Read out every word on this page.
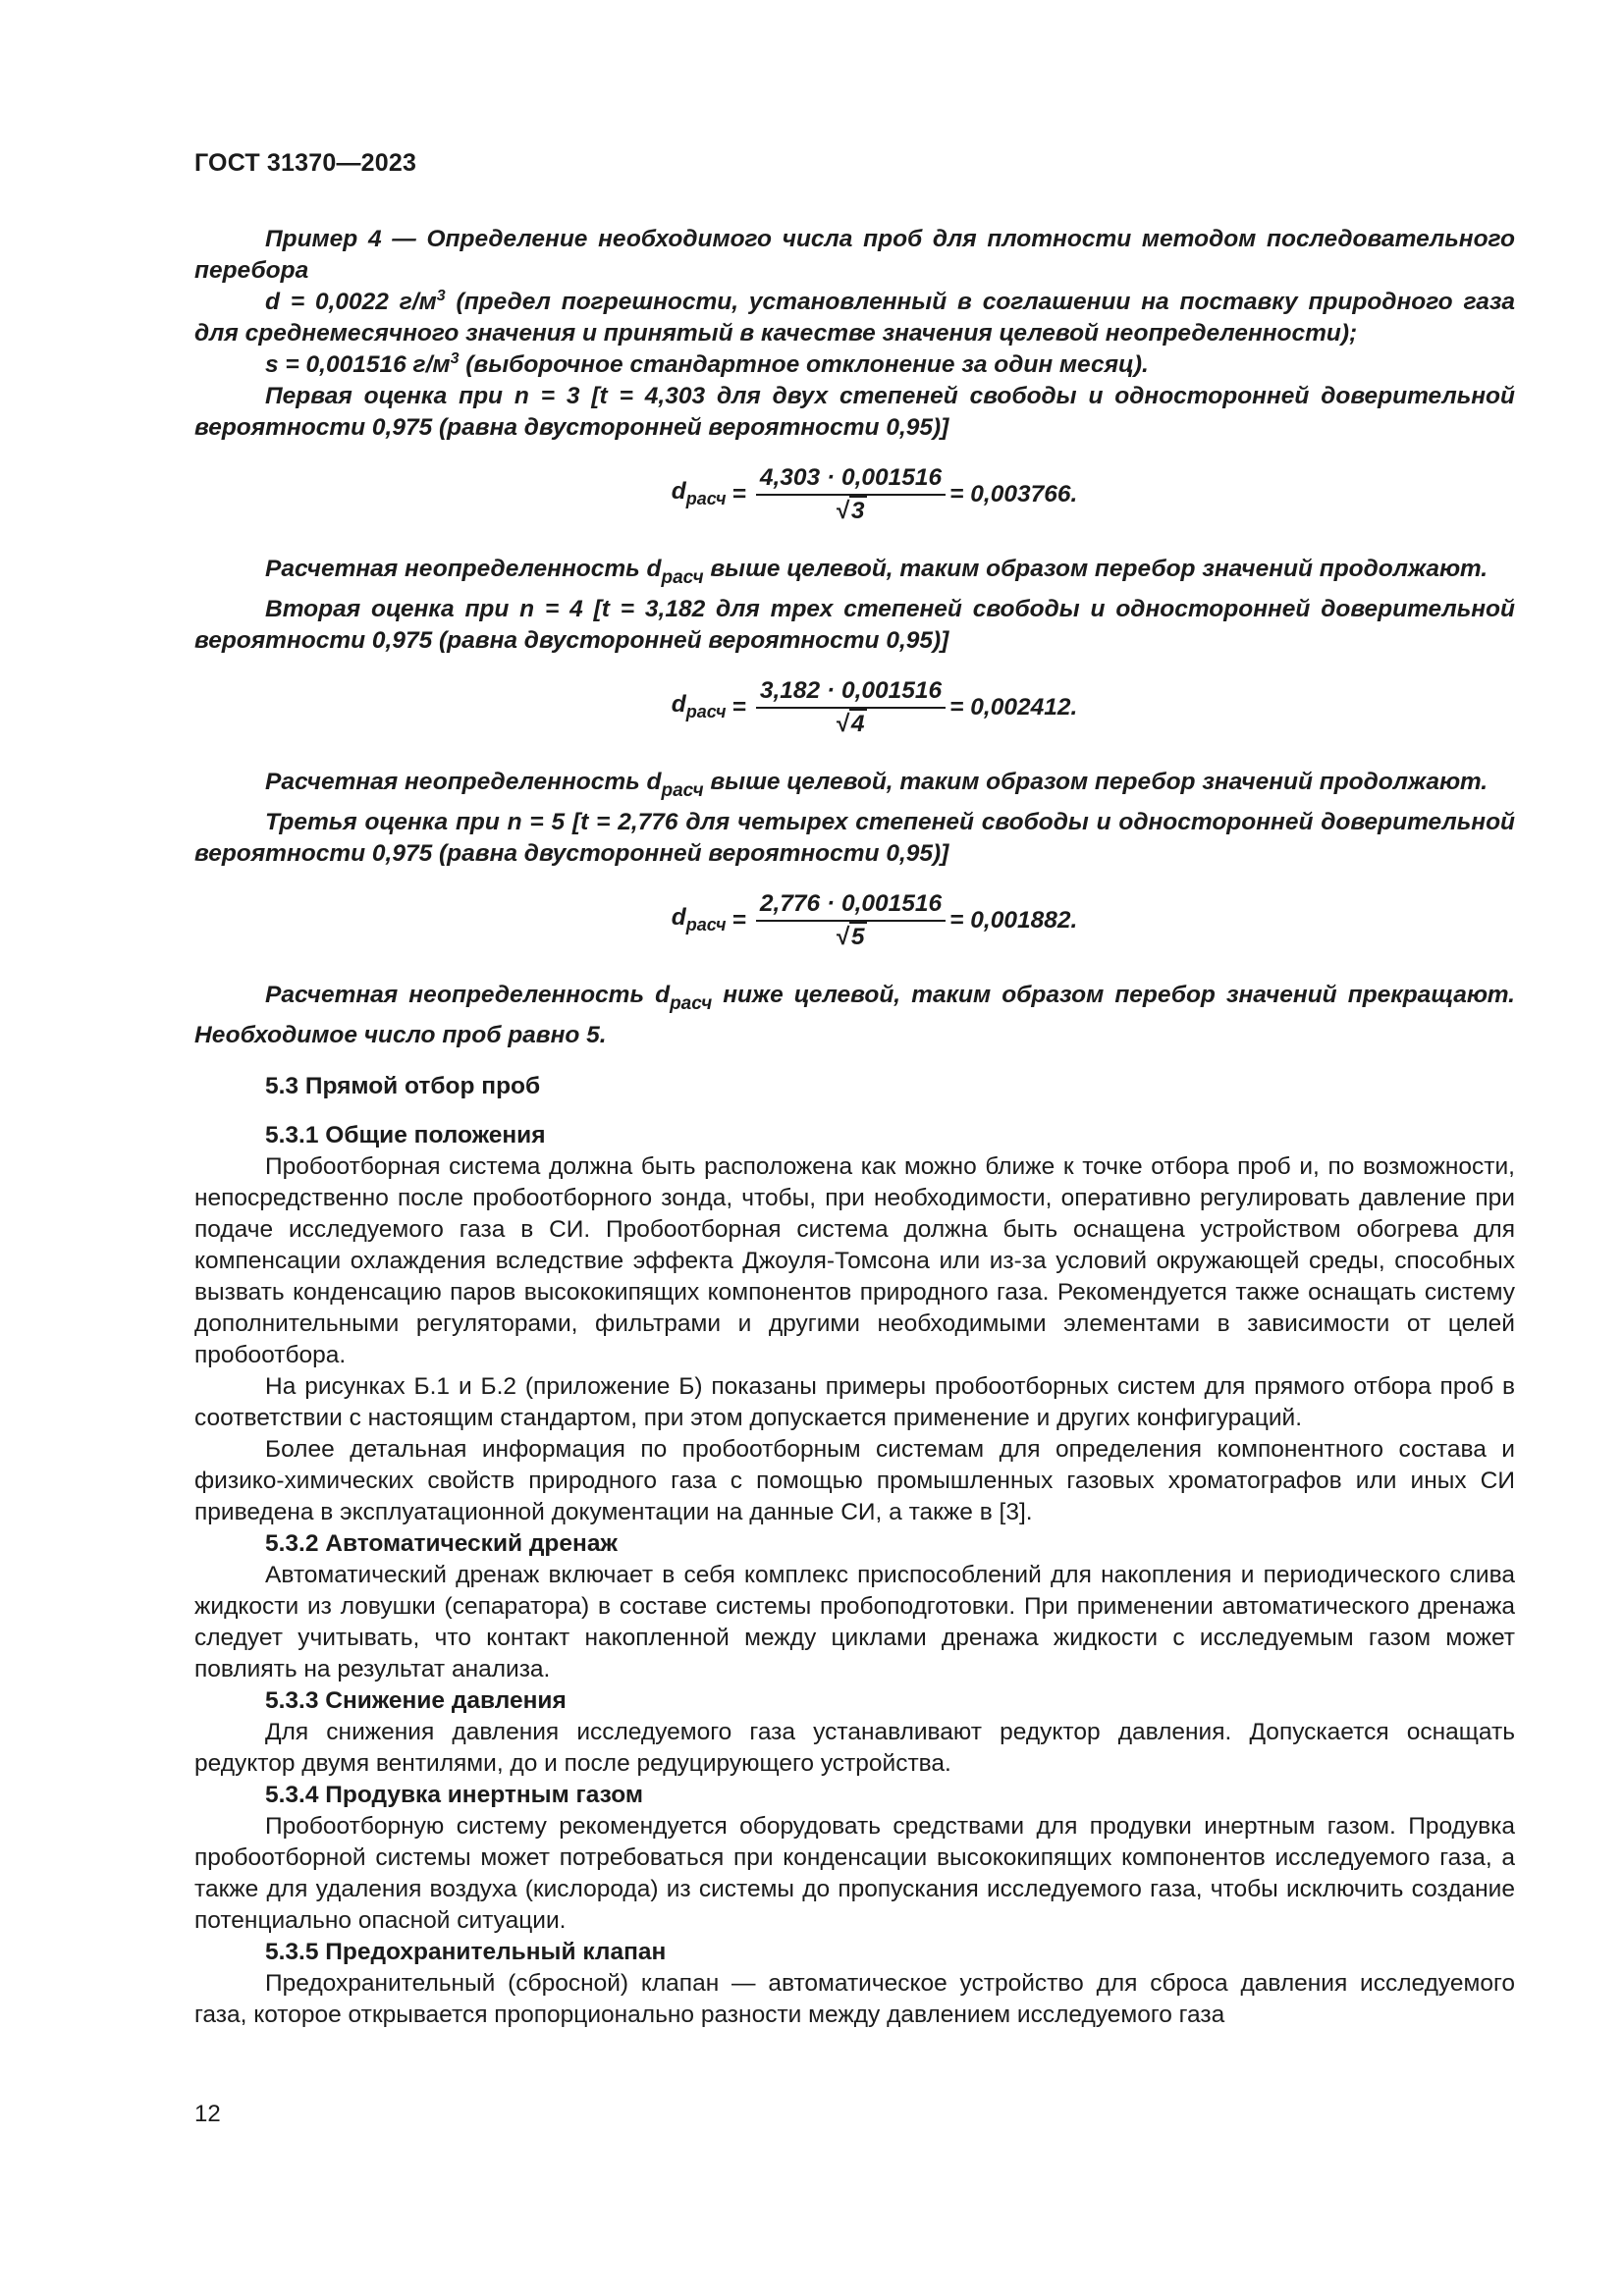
ГОСТ 31370—2023

Пример 4 — Определение необходимого числа проб для плотности методом последовательного перебора

d = 0,0022 $г/м^3$ (предел погрешности, установленный в соглашении на поставку природного газа для среднемесячного значения и принятый в качестве значения целевой неопределенности);

s = 0,001516 $г/м^3$ (выборочное стандартное отклонение за один месяц).

Первая оценка при n = 3 [t = 4,303 для двух степеней свободы и односторонней доверительной вероятности 0,975 (равна двусторонней вероятности 0,95)]

$d_{расч} = \frac{4,303 \cdot 0,001516}{√ 3} = 0,003766$.

Расчетная неопределенность $d_{расч}$ выше целевой, таким образом перебор значений продолжают.

Вторая оценка при n = 4 [t = 3,182 для трех степеней свободы и односторонней доверительной вероятности 0,975 (равна двусторонней вероятности 0,95)]

$d_{расч} = \frac{3,182 \cdot 0,001516}{√ 4} = 0,002412$.

Расчетная неопределенность $d_{расч}$ выше целевой, таким образом перебор значений продолжают.

Третья оценка при n = 5 [t = 2,776 для четырех степеней свободы и односторонней доверительной вероятности 0,975 (равна двусторонней вероятности 0,95)]

$d_{расч} = \frac{2,776 \cdot 0,001516}{√ 5} = 0,001882$.

Расчетная неопределенность $d_{расч}$ ниже целевой, таким образом перебор значений прекращают. Необходимое число проб равно 5.

5.3 Прямой отбор проб

5.3.1 Общие положения

Пробоотборная система должна быть расположена как можно ближе к точке отбора проб и, по возможности, непосредственно после пробоотборного зонда, чтобы, при необходимости, оперативно регулировать давление при подаче исследуемого газа в СИ. Пробоотборная система должна быть оснащена устройством обогрева для компенсации охлаждения вследствие эффекта Джоуля-Томсона или из-за условий окружающей среды, способных вызвать конденсацию паров высококипящих компонентов природного газа. Рекомендуется также оснащать систему дополнительными регуляторами, фильтрами и другими необходимыми элементами в зависимости от целей пробоотбора.

На рисунках Б.1 и Б.2 (приложение Б) показаны примеры пробоотборных систем для прямого отбора проб в соответствии с настоящим стандартом, при этом допускается применение и других конфигураций.

Более детальная информация по пробоотборным системам для определения компонентного состава и физико-химических свойств природного газа с помощью промышленных газовых хроматографов или иных СИ приведена в эксплуатационной документации на данные СИ, а также в [3].

5.3.2 Автоматический дренаж

Автоматический дренаж включает в себя комплекс приспособлений для накопления и периодического слива жидкости из ловушки (сепаратора) в составе системы пробоподготовки. При применении автоматического дренажа следует учитывать, что контакт накопленной между циклами дренажа жидкости с исследуемым газом может повлиять на результат анализа.

5.3.3 Снижение давления

Для снижения давления исследуемого газа устанавливают редуктор давления. Допускается оснащать редуктор двумя вентилями, до и после редуцирующего устройства.

5.3.4 Продувка инертным газом

Пробоотборную систему рекомендуется оборудовать средствами для продувки инертным газом. Продувка пробоотборной системы может потребоваться при конденсации высококипящих компонентов исследуемого газа, а также для удаления воздуха (кислорода) из системы до пропускания исследуемого газа, чтобы исключить создание потенциально опасной ситуации.

5.3.5 Предохранительный клапан

Предохранительный (сбросной) клапан — автоматическое устройство для сброса давления исследуемого газа, которое открывается пропорционально разности между давлением исследуемого газа

12
